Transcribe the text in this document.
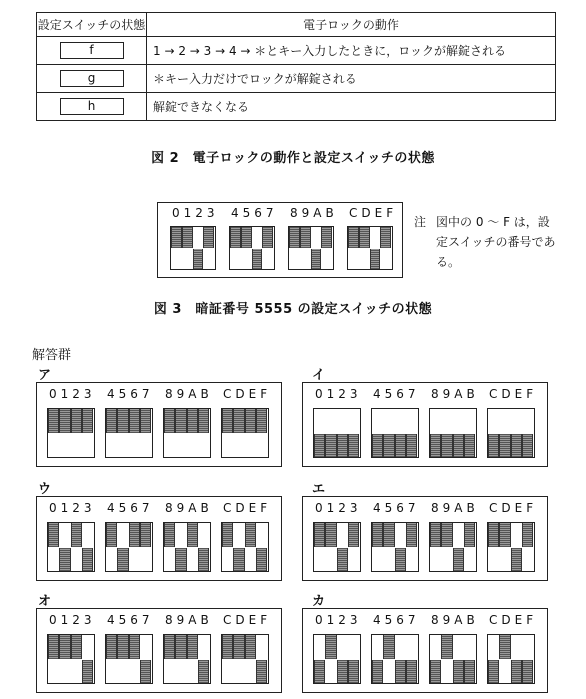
設定スイッチの状態	電子ロックの動作
f	1 → 2 → 3 → 4 → ＊とキー入力したときに，ロックが解錠される
g	＊キー入力だけでロックが解錠される
h	解錠できなくなる
図 2　電子ロックの動作と設定スイッチの状態
0123 4567 89AB CDEF
注 図中の 0 ～ F は，設定スイッチの番号である。
図 3　暗証番号 5555 の設定スイッチの状態
解答群
ア
0123 4567 89AB CDEF
イ
0123 4567 89AB CDEF
ウ
0123 4567 89AB CDEF
エ
0123 4567 89AB CDEF
オ
0123 4567 89AB CDEF
カ
0123 4567 89AB CDEF
